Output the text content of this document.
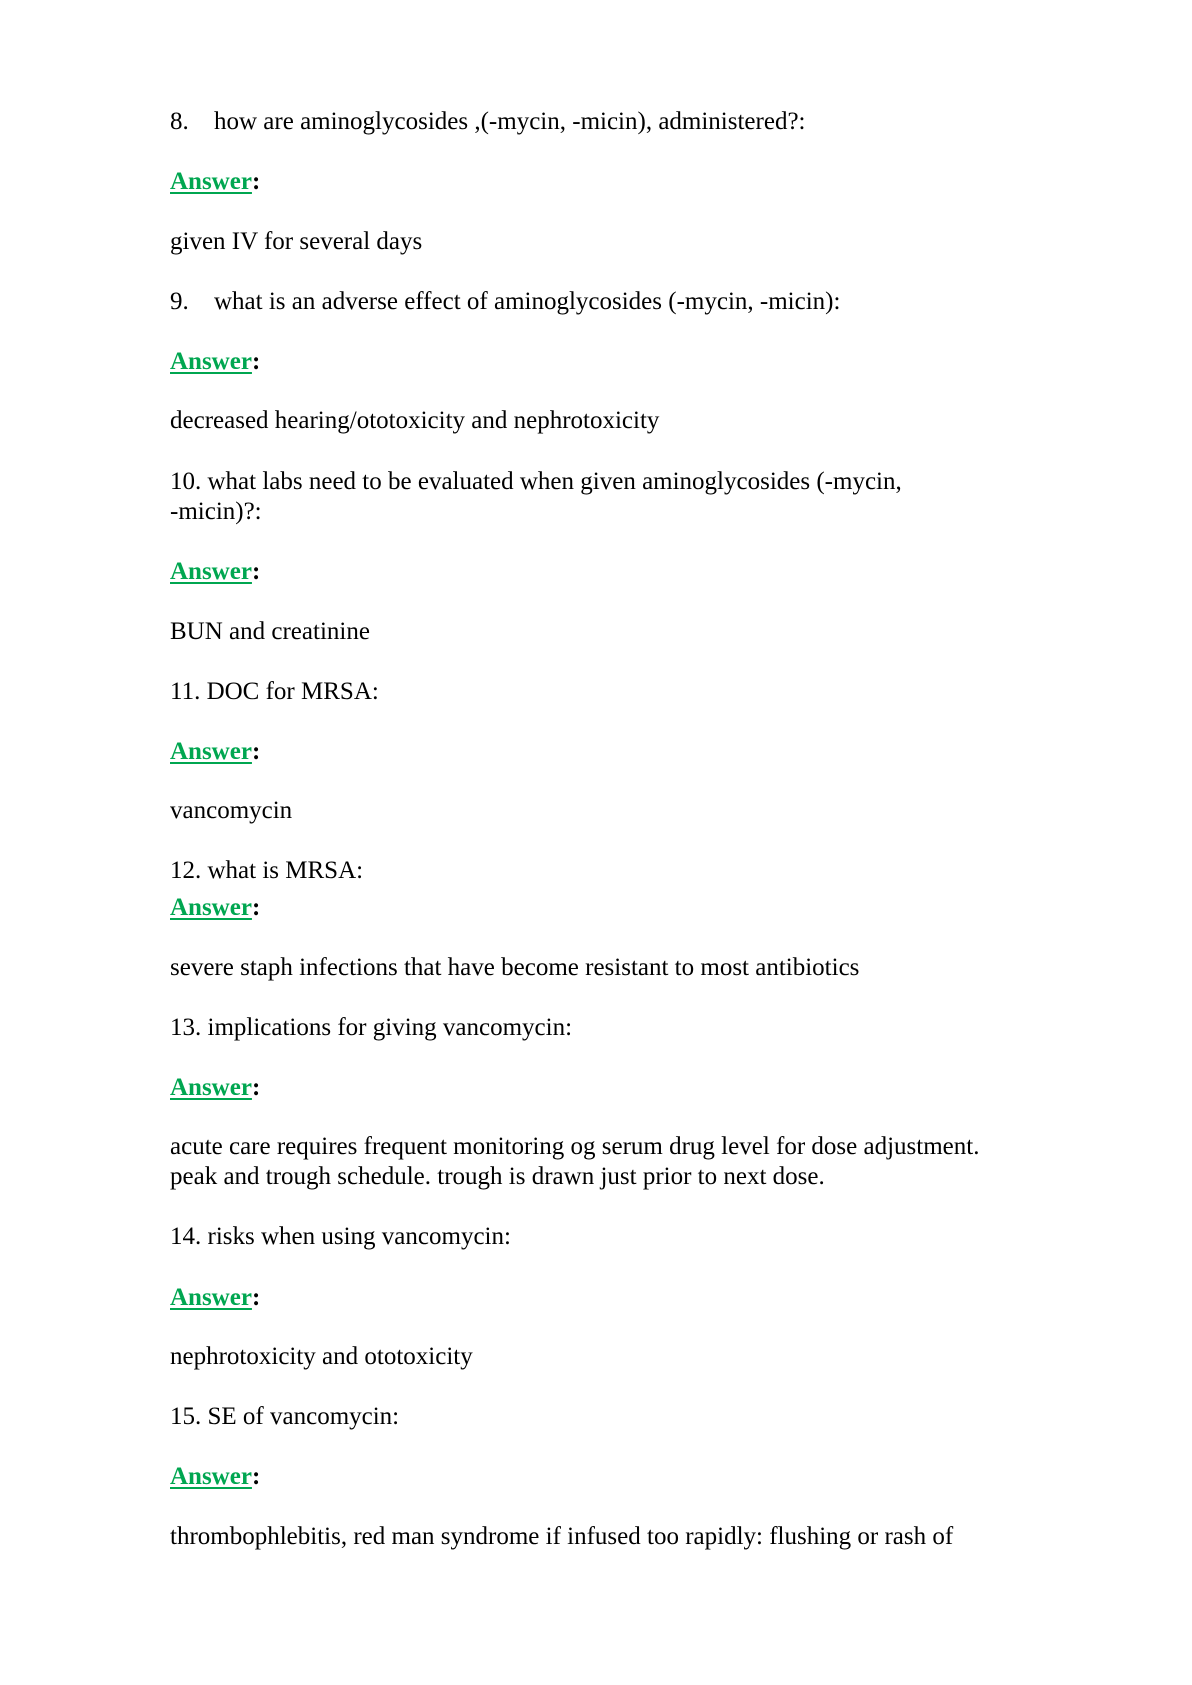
8. how are aminoglycosides ,(-mycin, -micin), administered?:
Answer:
given IV for several days
9. what is an adverse effect of aminoglycosides (-mycin, -micin):
Answer:
decreased hearing/ototoxicity and nephrotoxicity
10. what labs need to be evaluated when given aminoglycosides (-mycin,
-micin)?:
Answer:
BUN and creatinine
11. DOC for MRSA:
Answer:
vancomycin
12. what is MRSA:
Answer:
severe staph infections that have become resistant to most antibiotics
13. implications for giving vancomycin:
Answer:
acute care requires frequent monitoring og serum drug level for dose adjustment.
peak and trough schedule. trough is drawn just prior to next dose.
14. risks when using vancomycin:
Answer:
nephrotoxicity and ototoxicity
15. SE of vancomycin:
Answer:
thrombophlebitis, red man syndrome if infused too rapidly: flushing or rash of
